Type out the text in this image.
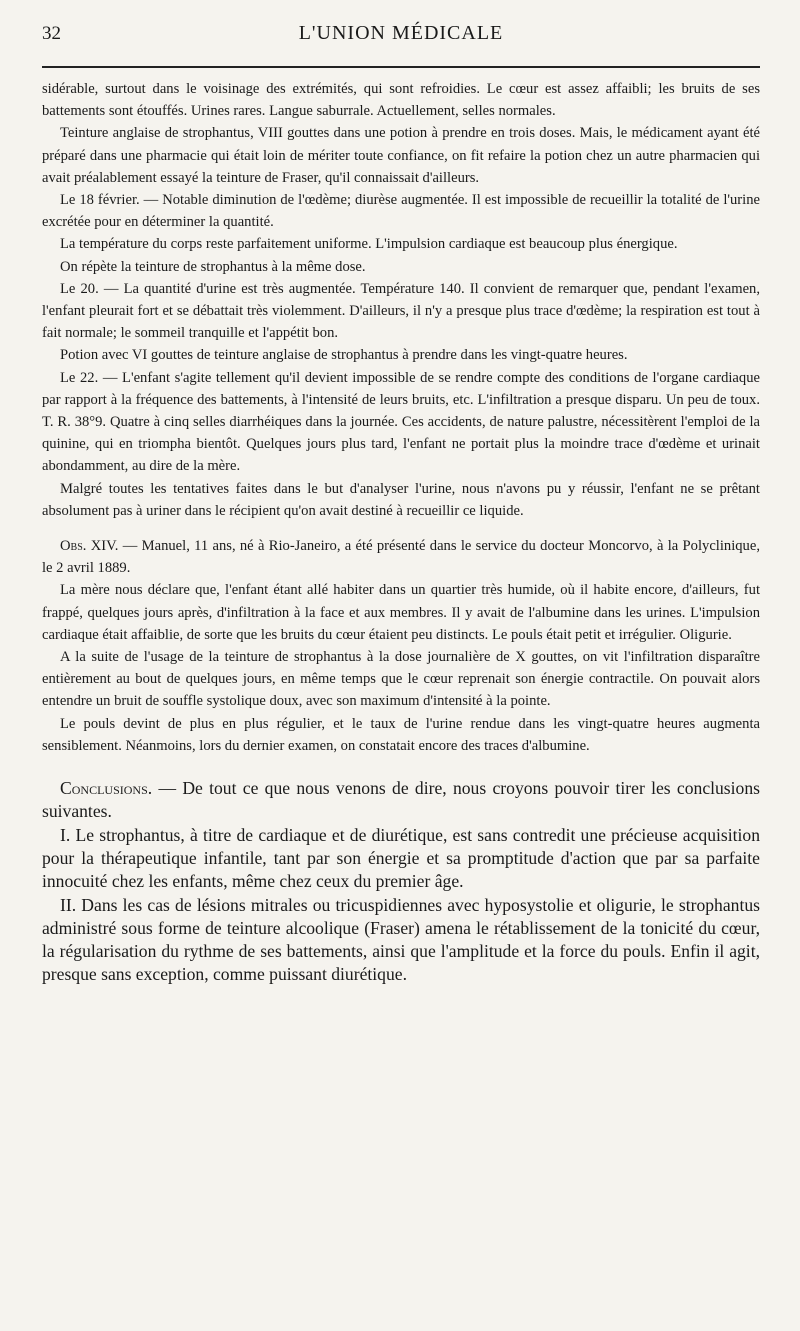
32	L'UNION MÉDICALE

sidérable, surtout dans le voisinage des extrémités, qui sont refroidies. Le cœur est assez affaibli; les bruits de ses battements sont étouffés. Urines rares. Langue saburrale. Actuellement, selles normales.

Teinture anglaise de strophantus, VIII gouttes dans une potion à prendre en trois doses. Mais, le médicament ayant été préparé dans une pharmacie qui était loin de mériter toute confiance, on fit refaire la potion chez un autre pharmacien qui avait préalablement essayé la teinture de Fraser, qu'il connaissait d'ailleurs.

Le 18 février. — Notable diminution de l'œdème; diurèse augmentée. Il est impossible de recueillir la totalité de l'urine excrétée pour en déterminer la quantité.

La température du corps reste parfaitement uniforme. L'impulsion cardiaque est beaucoup plus énergique.

On répète la teinture de strophantus à la même dose.

Le 20. — La quantité d'urine est très augmentée. Température 140. Il convient de remarquer que, pendant l'examen, l'enfant pleurait fort et se débattait très violemment. D'ailleurs, il n'y a presque plus trace d'œdème; la respiration est tout à fait normale; le sommeil tranquille et l'appétit bon.

Potion avec VI gouttes de teinture anglaise de strophantus à prendre dans les vingt-quatre heures.

Le 22. — L'enfant s'agite tellement qu'il devient impossible de se rendre compte des conditions de l'organe cardiaque par rapport à la fréquence des battements, à l'intensité de leurs bruits, etc. L'infiltration a presque disparu. Un peu de toux. T. R. 38°9. Quatre à cinq selles diarrhéiques dans la journée. Ces accidents, de nature palustre, nécessitèrent l'emploi de la quinine, qui en triompha bientôt. Quelques jours plus tard, l'enfant ne portait plus la moindre trace d'œdème et urinait abondamment, au dire de la mère.

Malgré toutes les tentatives faites dans le but d'analyser l'urine, nous n'avons pu y réussir, l'enfant ne se prêtant absolument pas à uriner dans le récipient qu'on avait destiné à recueillir ce liquide.

Obs. XIV. — Manuel, 11 ans, né à Rio-Janeiro, a été présenté dans le service du docteur Moncorvo, à la Polyclinique, le 2 avril 1889.

La mère nous déclare que, l'enfant étant allé habiter dans un quartier très humide, où il habite encore, d'ailleurs, fut frappé, quelques jours après, d'infiltration à la face et aux membres. Il y avait de l'albumine dans les urines. L'impulsion cardiaque était affaiblie, de sorte que les bruits du cœur étaient peu distincts. Le pouls était petit et irrégulier. Oligurie.

A la suite de l'usage de la teinture de strophantus à la dose journalière de X gouttes, on vit l'infiltration disparaître entièrement au bout de quelques jours, en même temps que le cœur reprenait son énergie contractile. On pouvait alors entendre un bruit de souffle systolique doux, avec son maximum d'intensité à la pointe.

Le pouls devint de plus en plus régulier, et le taux de l'urine rendue dans les vingt-quatre heures augmenta sensiblement. Néanmoins, lors du dernier examen, on constatait encore des traces d'albumine.

Conclusions. — De tout ce que nous venons de dire, nous croyons pouvoir tirer les conclusions suivantes.

I. Le strophantus, à titre de cardiaque et de diurétique, est sans contredit une précieuse acquisition pour la thérapeutique infantile, tant par son énergie et sa promptitude d'action que par sa parfaite innocuité chez les enfants, même chez ceux du premier âge.

II. Dans les cas de lésions mitrales ou tricuspidiennes avec hyposystolie et oligurie, le strophantus administré sous forme de teinture alcoolique (Fraser) amena le rétablissement de la tonicité du cœur, la régularisation du rythme de ses battements, ainsi que l'amplitude et la force du pouls. Enfin il agit, presque sans exception, comme puissant diurétique.
